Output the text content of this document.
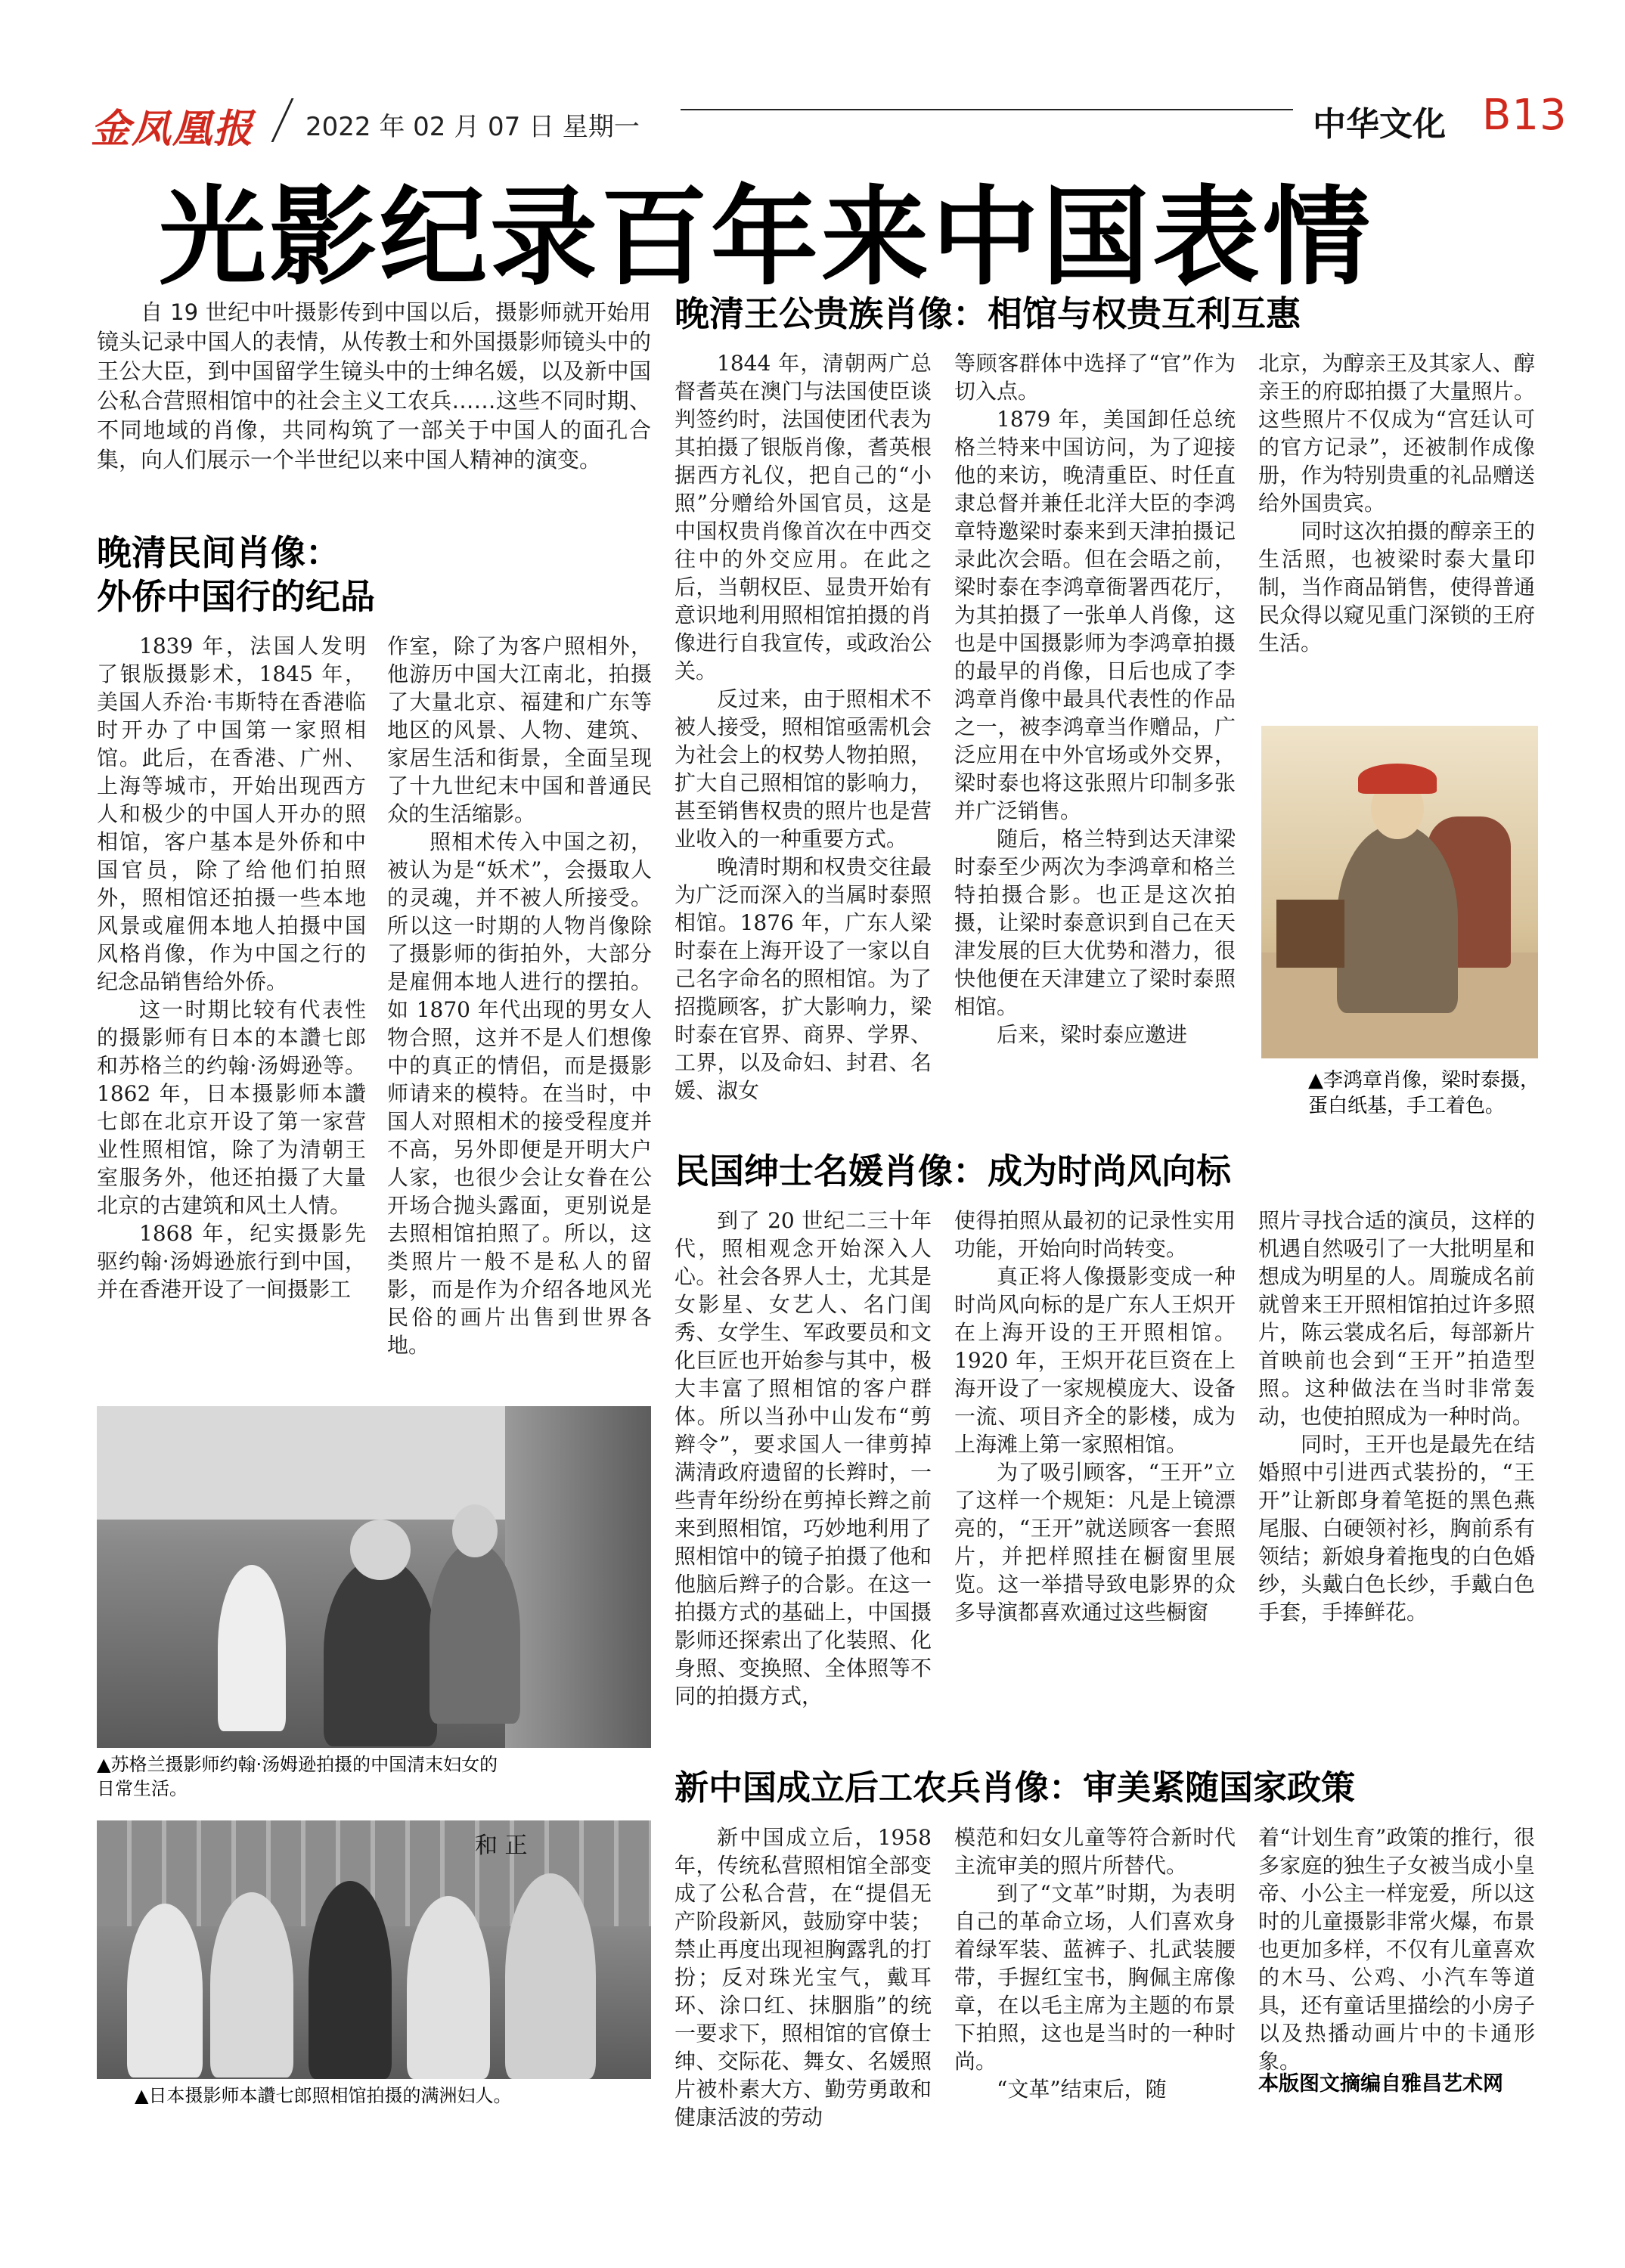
金凤凰报 2022 年 02 月 07 日 星期一	中华文化 B13
光影纪录百年来中国表情

自 19 世纪中叶摄影传到中国以后，摄影师就开始用镜头记录中国人的表情，从传教士和外国摄影师镜头中的王公大臣，到中国留学生镜头中的士绅名媛，以及新中国公私合营照相馆中的社会主义工农兵……这些不同时期、不同地域的肖像，共同构筑了一部关于中国人的面孔合集，向人们展示一个半世纪以来中国人精神的演变。

晚清民间肖像：
外侨中国行的纪品

1839 年，法国人发明了银版摄影术，1845 年，美国人乔治·韦斯特在香港临时开办了中国第一家照相馆。此后，在香港、广州、上海等城市，开始出现西方人和极少的中国人开办的照相馆，客户基本是外侨和中国官员，除了给他们拍照外，照相馆还拍摄一些本地风景或雇佣本地人拍摄中国风格肖像，作为中国之行的纪念品销售给外侨。

这一时期比较有代表性的摄影师有日本的本讚七郎和苏格兰的约翰·汤姆逊等。1862 年，日本摄影师本讚七郎在北京开设了第一家营业性照相馆，除了为清朝王室服务外，他还拍摄了大量北京的古建筑和风土人情。

1868 年，纪实摄影先驱约翰·汤姆逊旅行到中国，并在香港开设了一间摄影工

作室，除了为客户照相外，他游历中国大江南北，拍摄了大量北京、福建和广东等地区的风景、人物、建筑、家居生活和街景，全面呈现了十九世纪末中国和普通民众的生活缩影。

照相术传入中国之初，被认为是“妖术”，会摄取人的灵魂，并不被人所接受。所以这一时期的人物肖像除了摄影师的街拍外，大部分是雇佣本地人进行的摆拍。如 1870 年代出现的男女人物合照，这并不是人们想像中的真正的情侣，而是摄影师请来的模特。在当时，中国人对照相术的接受程度并不高，另外即便是开明大户人家，也很少会让女眷在公开场合抛头露面，更别说是去照相馆拍照了。所以，这类照片一般不是私人的留影，而是作为介绍各地风光民俗的画片出售到世界各地。

▲苏格兰摄影师约翰·汤姆逊拍摄的中国清末妇女的
日常生活。
和 正
▲日本摄影师本讚七郎照相馆拍摄的满洲妇人。
晚清王公贵族肖像：相馆与权贵互利互惠

1844 年，清朝两广总督耆英在澳门与法国使臣谈判签约时，法国使团代表为其拍摄了银版肖像，耆英根据西方礼仪，把自己的“小照”分赠给外国官员，这是中国权贵肖像首次在中西交往中的外交应用。在此之后，当朝权臣、显贵开始有意识地利用照相馆拍摄的肖像进行自我宣传，或政治公关。

反过来，由于照相术不被人接受，照相馆亟需机会为社会上的权势人物拍照，扩大自己照相馆的影响力，甚至销售权贵的照片也是营业收入的一种重要方式。

晚清时期和权贵交往最为广泛而深入的当属时泰照相馆。1876 年，广东人梁时泰在上海开设了一家以自己名字命名的照相馆。为了招揽顾客，扩大影响力，梁时泰在官界、商界、学界、工界，以及命妇、封君、名媛、淑女

等顾客群体中选择了“官”作为切入点。

1879 年，美国卸任总统格兰特来中国访问，为了迎接他的来访，晚清重臣、时任直隶总督并兼任北洋大臣的李鸿章特邀梁时泰来到天津拍摄记录此次会晤。但在会晤之前，梁时泰在李鸿章衙署西花厅，为其拍摄了一张单人肖像，这也是中国摄影师为李鸿章拍摄的最早的肖像，日后也成了李鸿章肖像中最具代表性的作品之一，被李鸿章当作赠品，广泛应用在中外官场或外交界，梁时泰也将这张照片印制多张并广泛销售。

随后，格兰特到达天津梁时泰至少两次为李鸿章和格兰特拍摄合影。也正是这次拍摄，让梁时泰意识到自己在天津发展的巨大优势和潜力，很快他便在天津建立了梁时泰照相馆。

后来，梁时泰应邀进

北京，为醇亲王及其家人、醇亲王的府邸拍摄了大量照片。这些照片不仅成为“宫廷认可的官方记录”，还被制作成像册，作为特别贵重的礼品赠送给外国贵宾。

同时这次拍摄的醇亲王的生活照，也被梁时泰大量印制，当作商品销售，使得普通民众得以窥见重门深锁的王府生活。

▲李鸿章肖像，梁时泰摄，蛋白纸基，手工着色。
民国绅士名媛肖像：成为时尚风向标

到了 20 世纪二三十年代，照相观念开始深入人心。社会各界人士，尤其是女影星、女艺人、名门闺秀、女学生、军政要员和文化巨匠也开始参与其中，极大丰富了照相馆的客户群体。所以当孙中山发布“剪辫令”，要求国人一律剪掉满清政府遗留的长辫时，一些青年纷纷在剪掉长辫之前来到照相馆，巧妙地利用了照相馆中的镜子拍摄了他和他脑后辫子的合影。在这一拍摄方式的基础上，中国摄影师还探索出了化装照、化身照、变换照、全体照等不同的拍摄方式，

使得拍照从最初的记录性实用功能，开始向时尚转变。

真正将人像摄影变成一种时尚风向标的是广东人王炽开在上海开设的王开照相馆。1920 年，王炽开花巨资在上海开设了一家规模庞大、设备一流、项目齐全的影楼，成为上海滩上第一家照相馆。

为了吸引顾客，“王开”立了这样一个规矩：凡是上镜漂亮的，“王开”就送顾客一套照片，并把样照挂在橱窗里展览。这一举措导致电影界的众多导演都喜欢通过这些橱窗

照片寻找合适的演员，这样的机遇自然吸引了一大批明星和想成为明星的人。周璇成名前就曾来王开照相馆拍过许多照片，陈云裳成名后，每部新片首映前也会到“王开”拍造型照。这种做法在当时非常轰动，也使拍照成为一种时尚。

同时，王开也是最先在结婚照中引进西式装扮的，“王开”让新郎身着笔挺的黑色燕尾服、白硬领衬衫，胸前系有领结；新娘身着拖曳的白色婚纱，头戴白色长纱，手戴白色手套，手捧鲜花。

新中国成立后工农兵肖像：审美紧随国家政策

新中国成立后，1958 年，传统私营照相馆全部变成了公私合营，在“提倡无产阶段新风，鼓励穿中装；禁止再度出现袒胸露乳的打扮；反对珠光宝气，戴耳环、涂口红、抹胭脂”的统一要求下，照相馆的官僚士绅、交际花、舞女、名媛照片被朴素大方、勤劳勇敢和健康活波的劳动

模范和妇女儿童等符合新时代主流审美的照片所替代。

到了“文革”时期，为表明自己的革命立场，人们喜欢身着绿军装、蓝裤子、扎武装腰带，手握红宝书，胸佩主席像章，在以毛主席为主题的布景下拍照，这也是当时的一种时尚。

“文革”结束后，随

着“计划生育”政策的推行，很多家庭的独生子女被当成小皇帝、小公主一样宠爱，所以这时的儿童摄影非常火爆，布景也更加多样，不仅有儿童喜欢的木马、公鸡、小汽车等道具，还有童话里描绘的小房子以及热播动画片中的卡通形象。

本版图文摘编自雅昌艺术网
